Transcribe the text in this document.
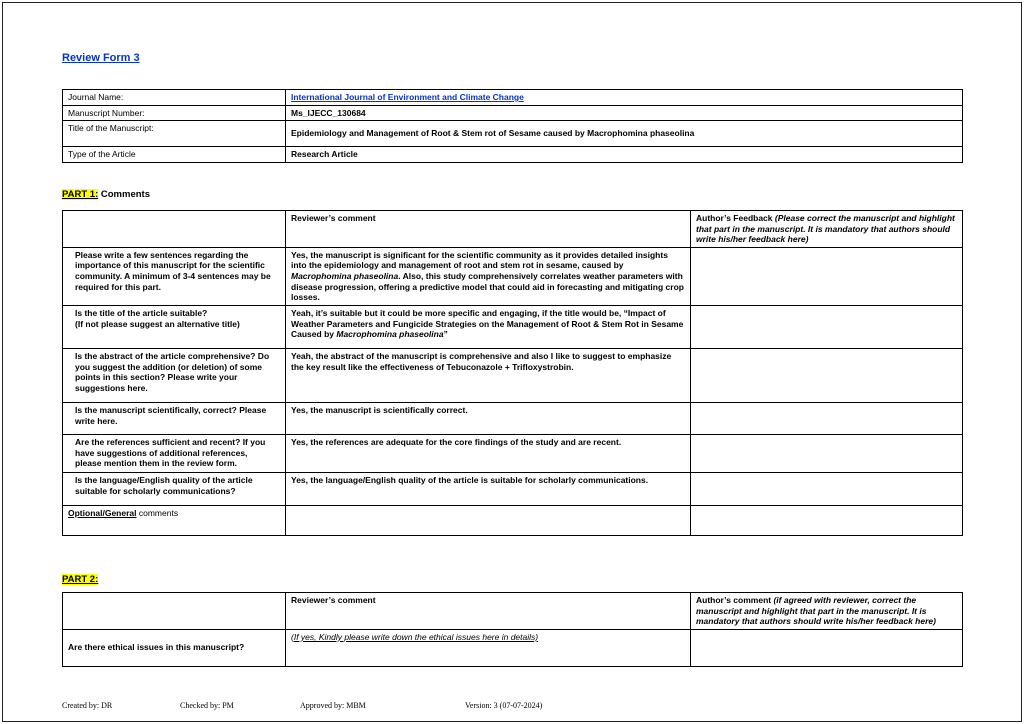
Review Form 3
Journal Name:	International Journal of Environment and Climate Change
Manuscript Number:	Ms_IJECC_130684
Title of the Manuscript:	Epidemiology and Management of Root & Stem rot of Sesame caused by Macrophomina phaseolina
Type of the Article	Research Article
PART 1: Comments
	Reviewer’s comment	Author’s Feedback (Please correct the manuscript and highlight that part in the manuscript. It is mandatory that authors should write his/her feedback here)
Please write a few sentences regarding the importance of this manuscript for the scientific community. A minimum of 3-4 sentences may be required for this part.	Yes, the manuscript is significant for the scientific community as it provides detailed insights into the epidemiology and management of root and stem rot in sesame, caused by Macrophomina phaseolina. Also, this study comprehensively correlates weather parameters with disease progression, offering a predictive model that could aid in forecasting and mitigating crop losses.	

Is the title of the article suitable?
(If not please suggest an alternative title)	Yeah, it’s suitable but it could be more specific and engaging, if the title would be, “Impact of Weather Parameters and Fungicide Strategies on the Management of Root & Stem Rot in Sesame Caused by Macrophomina phaseolina”	
Is the abstract of the article comprehensive? Do you suggest the addition (or deletion) of some points in this section? Please write your suggestions here.	Yeah, the abstract of the manuscript is comprehensive and also I like to suggest to emphasize the key result like the effectiveness of Tebuconazole + Trifloxystrobin.	
Is the manuscript scientifically, correct? Please write here.	Yes, the manuscript is scientifically correct.	
Are the references sufficient and recent? If you have suggestions of additional references, please mention them in the review form.	Yes, the references are adequate for the core findings of the study and are recent.	
Is the language/English quality of the article suitable for scholarly communications?	Yes, the language/English quality of the article is suitable for scholarly communications.	
Optional/General comments		
PART 2:
	Reviewer’s comment	Author’s comment (if agreed with reviewer, correct the manuscript and highlight that part in the manuscript. It is mandatory that authors should write his/her feedback here)
Are there ethical issues in this manuscript?	(If yes, Kindly please write down the ethical issues here in details)	
Created by: DR	Checked by: PM	Approved by: MBM	Version: 3 (07-07-2024)
